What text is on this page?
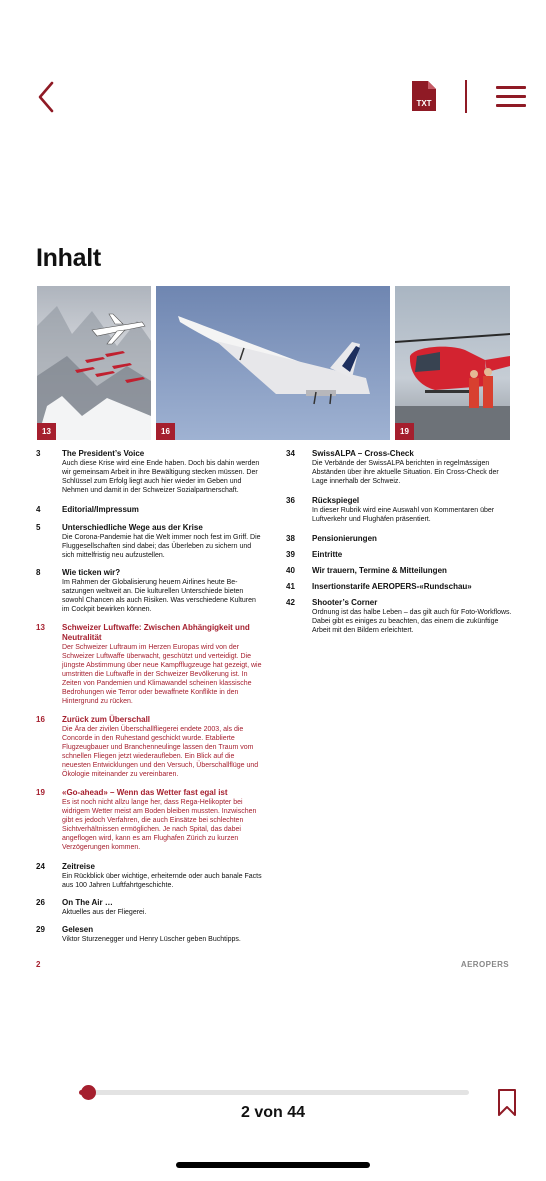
TXT
Inhalt
13	16	19
3	The President’s Voice
Auch diese Krise wird eine Ende haben. Doch bis dahin werden wir gemeinsam Arbeit in ihre Bewältigung stecken müssen. Der Schlüssel zum Erfolg liegt auch hier wieder im Geben und Nehmen und damit in der Schweizer Sozialpartnerschaft.
4	Editorial/Impressum
5	Unterschiedliche Wege aus der Krise
Die Corona-Pandemie hat die Welt immer noch fest im Griff. Die Fluggesellschaften sind dabei; das Überleben zu sichern und sich mittelfristig neu aufzustellen.
8	Wie ticken wir?
Im Rahmen der Globalisierung heuern Airlines heute Besatzungen weltweit an. Die kulturellen Unterschiede bieten sowohl Chancen als auch Risiken. Was verschiedene Kulturen im Cockpit bewirken können.
13 Schweizer Luftwaffe: Zwischen Abhängigkeit und Neutralität
Der Schweizer Luftraum im Herzen Europas wird von der Schweizer Luftwaffe überwacht, geschützt und verteidigt. Die jüngste Abstimmung über neue Kampfflugzeuge hat gezeigt, wie umstritten die Luftwaffe in der Schweizer Bevölkerung ist. In Zeiten von Pandemien und Klimawandel scheinen klassische Bedrohungen wie Terror oder bewaffnete Konflikte in den Hintergrund zu rücken.
16 Zurück zum Überschall
Die Ära der zivilen Überschallfliegerei endete 2003, als die Concorde in den Ruhestand geschickt wurde. Etablierte Flugzeugbauer und Branchenneulinge lassen den Traum vom schnellen Fliegen jetzt wiederaufleben. Ein Blick auf die neuesten Entwicklungen und den Versuch, Überschallflüge und Ökologie miteinander zu vereinbaren.
19 «Go-ahead» – Wenn das Wetter fast egal ist
Es ist noch nicht allzu lange her, dass Rega-Helikopter bei widrigem Wetter meist am Boden bleiben mussten. Inzwischen gibt es jedoch Verfahren, die auch Einsätze bei schlechten Sichtverhältnissen ermöglichen. Je nach Spital, das dabei angeflogen wird, kann es am Flughafen Zürich zu kurzen Verzögerungen kommen.
24 Zeitreise
Ein Rückblick über wichtige, erheiternde oder auch banale Facts aus 100 Jahren Luftfahrtgeschichte.
26 On The Air …
Aktuelles aus der Fliegerei.
29 Gelesen
Viktor Sturzenegger und Henry Lüscher geben Buchtipps.
34 SwissALPA – Cross-Check
Die Verbände der SwissALPA berichten in regelmässigen Abständen über ihre aktuelle Situation. Ein Cross-Check der Lage innerhalb der Schweiz.
36 Rückspiegel
In dieser Rubrik wird eine Auswahl von Kommentaren über Luftverkehr und Flughäfen präsentiert.
38 Pensionierungen
39 Eintritte
40 Wir trauern, Termine & Mitteilungen
41 Insertionstarife AEROPERS-«Rundschau»
42 Shooter’s Corner
Ordnung ist das halbe Leben – das gilt auch für Foto-Workflows. Dabei gibt es einiges zu beachten, das einem die zukünftige Arbeit mit den Bildern erleichtert.
2	AEROPERS
2 von 44
